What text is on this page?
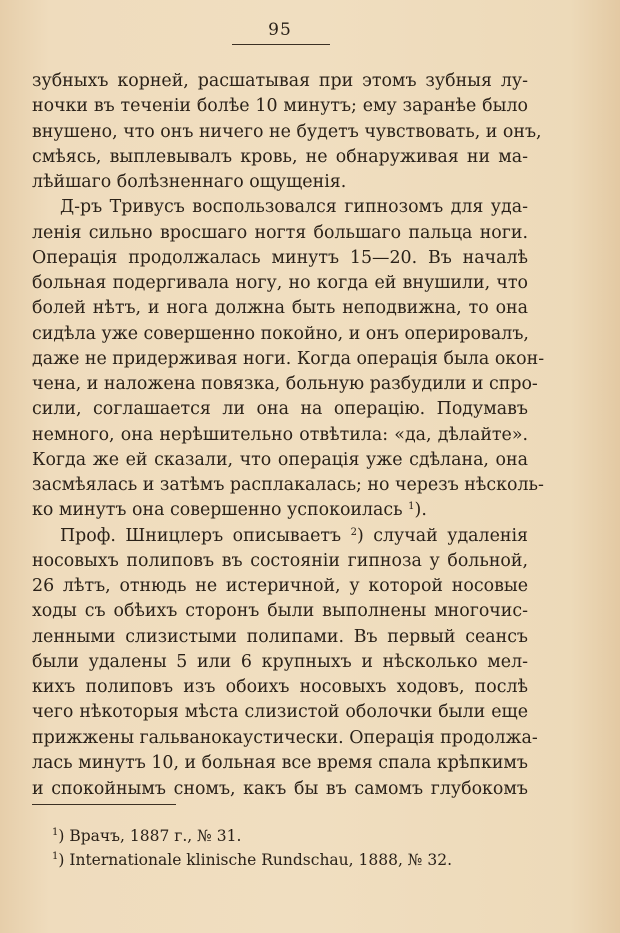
95
зубныхъ корней, расшатывая при этомъ зубныя лу-
ночки въ теченіи болѣе 10 минутъ; ему заранѣе было
внушено, что онъ ничего не будетъ чувствовать, и онъ,
смѣясь, выплевывалъ кровь, не обнаруживая ни ма-
лѣйшаго болѣзненнаго ощущенія.
Д-ръ Тривусъ воспользовался гипнозомъ для уда-
ленія сильно вросшаго ногтя большаго пальца ноги.
Операція продолжалась минутъ 15—20. Въ началѣ
больная подергивала ногу, но когда ей внушили, что
болей нѣтъ, и нога должна быть неподвижна, то она
сидѣла уже совершенно покойно, и онъ оперировалъ,
даже не придерживая ноги. Когда операція была окон-
чена, и наложена повязка, больную разбудили и спро-
сили, соглашается ли она на операцію. Подумавъ
немного, она нерѣшительно отвѣтила: «да, дѣлайте».
Когда же ей сказали, что операція уже сдѣлана, она
засмѣялась и затѣмъ расплакалась; но черезъ нѣсколь-
ко минутъ она совершенно успокоилась $^1$).
Проф. Шницлеръ описываетъ $^2$) случай удаленія
носовыхъ полиповъ въ состояніи гипноза у больной,
26 лѣтъ, отнюдь не истеричной, у которой носовые
ходы съ обѣихъ сторонъ были выполнены многочис-
ленными слизистыми полипами. Въ первый сеансъ
были удалены 5 или 6 крупныхъ и нѣсколько мел-
кихъ полиповъ изъ обоихъ носовыхъ ходовъ, послѣ
чего нѣкоторыя мѣста слизистой оболочки были еще
прижжены гальванокаустически. Операція продолжа-
лась минутъ 10, и больная все время спала крѣпкимъ
и спокойнымъ сномъ, какъ бы въ самомъ глубокомъ
$^1$) Врачъ, 1887 г., № 31.
$^1$) Internationale klinische Rundschau, 1888, № 32.
